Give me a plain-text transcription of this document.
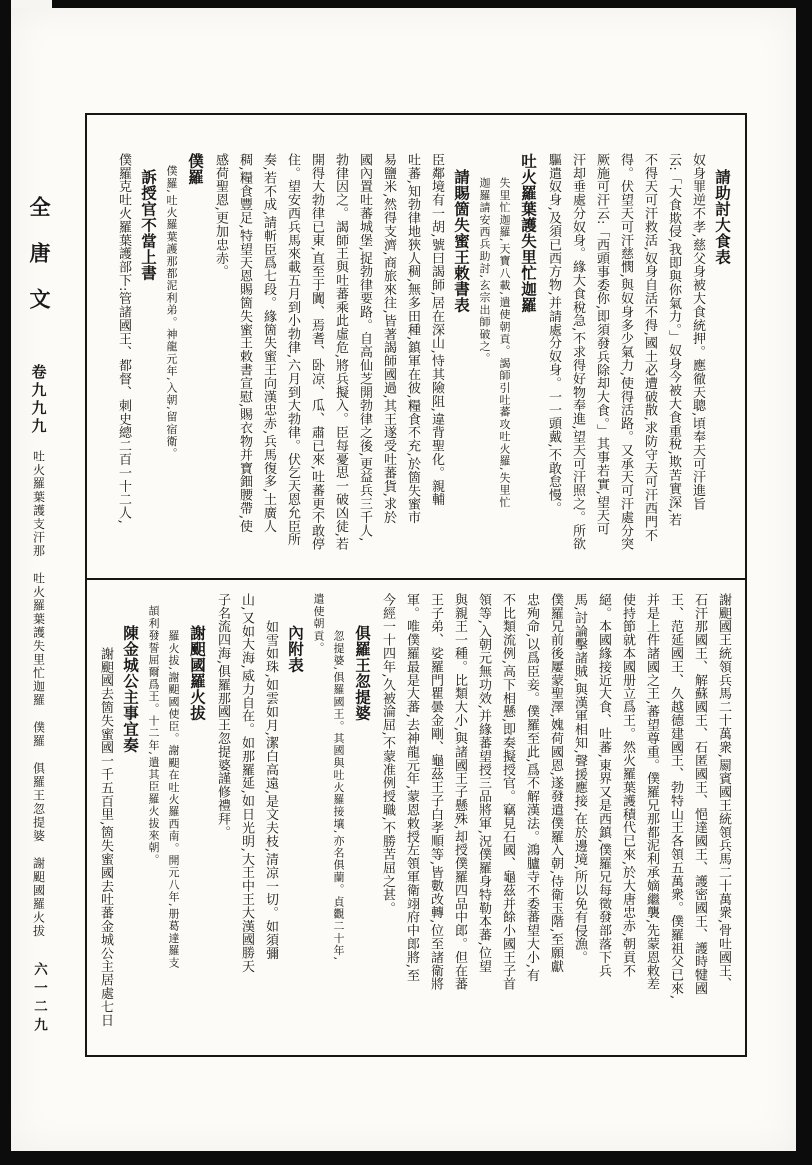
全唐文
卷九九九
吐火羅葉護支汗那
吐火羅葉護失里忙迦羅
僕羅
俱羅王忽提婆
謝䫻國羅火拔
六一二九
請助討大食表
奴身罪逆不孝,慈父身被大食統押。應徹天聰,頃奉天可汗進旨
云:「大食欺侵,我即與你氣力。」奴身今被大食重稅,欺苦實深,若
不得天可汗救活,奴身自活不得,國土必遭破散,求防守天可汗西門不
得。伏望天可汗慈憫,與奴身多少氣力,使得活路。又承天可汗處分突
厥施可汗云:「西頭事委你,即須發兵除却大食。」其事若實,望天可
汗却垂處分奴身。緣大食稅急,不求得好物奉進,望天可汗照之。所欲
驅遣奴身,及須已西方物,并請處分奴身。一一頭戴,不敢怠慢。
吐火羅葉護失里忙迦羅
失里忙迦羅,天寶八載,遣使朝貢。謁師引吐蕃攻吐火羅,失里忙
迦羅請安西兵助討,玄宗出師破之。
請賜箇失蜜王敕書表
臣鄰境有一胡,號曰謁師,居在深山,恃其險阻,違背聖化。親輔
吐蕃,知勃律地狹人稠,無多田種,鎮軍在彼,糧食不充,於箇失蜜市
易鹽米,然得支濟,商旅來往,皆著謁師國過,其王遂受吐蕃貨,求於
國內置吐蕃城堡,捉勃律要路。自高仙芝開勃律之後,更益兵三千人,
勃律因之。謁師王與吐蕃乘此虛危,將兵擬入。臣每憂思一破凶徒,若
開得大勃律已東,直至于闐、焉耆、卧凉、瓜、肅已來,吐蕃更不敢停
住。望安西兵馬來載五月到小勃律,六月到大勃律。伏乞天恩允臣所
奏,若不成,請斬臣爲七段。緣箇失蜜王向漢忠赤,兵馬復多,土廣人
稠,糧食豐足,特望天恩賜箇失蜜王敕書宣慰,賜衣物并寶鈿腰帶,使
感荷聖恩,更加忠赤。
僕羅
僕羅,吐火羅葉護那都泥利弟。神龍元年,入朝,留宿衛。
訴授官不當上書
僕羅克吐火羅葉護部下:管諸國王、都督、刺史總二百一十二人,
謝䫻國王統領兵馬二十萬衆,罽賓國王統領兵馬二十萬衆,骨吐國王、
石汗那國王、解蘇國王、石匿國王、悒達國王、護密國王、護時犍國
王、范延國王、久越德建國王、勃特山王各領五萬衆。僕羅祖父已來,
并是上件諸國之王,蕃望尊重。僕羅兄那都泥利承嫡繼襲,先蒙恩敕差
使持節就本國册立爲王。然火羅葉護積代已來,於大唐忠赤,朝貢不
絕。本國緣接近大食、吐蕃,東界又是西鎮,僕羅兄每徵發部落下兵
馬,討論擊諸賊,與漢軍相知,聲援應接,在於邊境,所以免有侵漁。
僕羅兄前後屢蒙聖澤,媿荷國恩,遂發遣僕羅入朝,侍衛玉階,至願獻
忠殉命,以爲臣妾。僕羅至此,爲不解漢法。鴻臚寺不委蕃望大小,有
不比類流例,高下相懸,即奏擬授官。竊見石國、龜茲并餘小國王子首
領等,入朝元無功效,并緣蕃望授三品將軍,況僕羅身特勒本蕃,位望
與親王一種。比類大小,與諸國王子懸殊,却授僕羅四品中郎。但在蕃
王子弟、娑羅門瞿曇金剛、龜茲王子白孝順等,皆數改轉,位至諸衛將
軍。唯僕羅最是大蕃,去神龍元年,蒙恩敕授左領軍衛翊府中郎將,至
今經一十四年,久被淪屈,不蒙准例授職,不勝苦屈之甚。
俱羅王忽提婆
忽提婆,俱羅國王。其國與吐火羅接壤,亦名俱蘭。貞觀二十年,
遣使朝貢。
內附表
如雪如珠,如雲如月,潔白高遠,是文夫枝,清凉一切。如須彌
山,又如大海,威力自在。如那羅延,如日光明,大王中王大漢國勝天
子名流四海,俱羅那國王忽提婆謹修禮拜。
謝䫻國羅火拔
羅火拔,謝䫻國使臣。謝䫻在吐火羅西南。開元八年,册葛達羅支
頡利發誓屈爾爲王。十二年,遣其臣羅火拔來朝。
陳金城公主事宜奏
謝䫻國去箇失蜜國一千五百里,箇失蜜國去吐蕃金城公主居處七日
